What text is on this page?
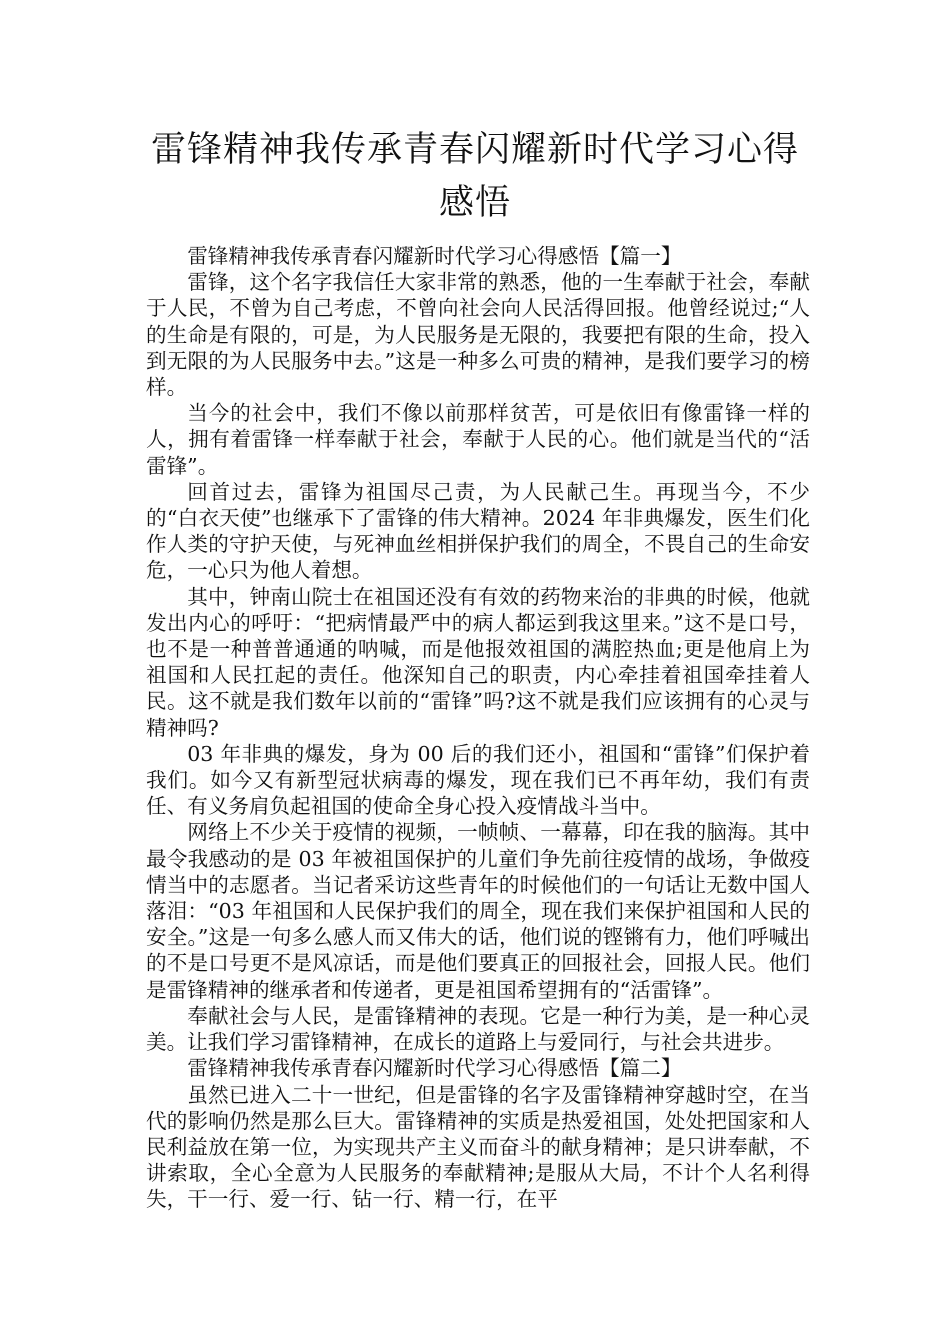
雷锋精神我传承青春闪耀新时代学习心得感悟

雷锋精神我传承青春闪耀新时代学习心得感悟【篇一】

雷锋，这个名字我信任大家非常的熟悉，他的一生奉献于社会，奉献于人民，不曾为自己考虑，不曾向社会向人民活得回报。他曾经说过;“人的生命是有限的，可是，为人民服务是无限的，我要把有限的生命，投入到无限的为人民服务中去。”这是一种多么可贵的精神，是我们要学习的榜样。

当今的社会中，我们不像以前那样贫苦，可是依旧有像雷锋一样的人，拥有着雷锋一样奉献于社会，奉献于人民的心。他们就是当代的“活雷锋”。

回首过去，雷锋为祖国尽己责，为人民献己生。再现当今，不少的“白衣天使”也继承下了雷锋的伟大精神。2024 年非典爆发，医生们化作人类的守护天使，与死神血丝相拼保护我们的周全，不畏自己的生命安危，一心只为他人着想。

其中，钟南山院士在祖国还没有有效的药物来治的非典的时候，他就发出内心的呼吁：“把病情最严中的病人都运到我这里来。”这不是口号，也不是一种普普通通的呐喊，而是他报效祖国的满腔热血;更是他肩上为祖国和人民扛起的责任。他深知自己的职责，内心牵挂着祖国牵挂着人民。这不就是我们数年以前的“雷锋”吗?这不就是我们应该拥有的心灵与精神吗?

03 年非典的爆发，身为 00 后的我们还小，祖国和“雷锋”们保护着我们。如今又有新型冠状病毒的爆发，现在我们已不再年幼，我们有责任、有义务肩负起祖国的使命全身心投入疫情战斗当中。

网络上不少关于疫情的视频，一帧帧、一幕幕，印在我的脑海。其中最令我感动的是 03 年被祖国保护的儿童们争先前往疫情的战场，争做疫情当中的志愿者。当记者采访这些青年的时候他们的一句话让无数中国人落泪：“03 年祖国和人民保护我们的周全，现在我们来保护祖国和人民的安全。”这是一句多么感人而又伟大的话，他们说的铿锵有力，他们呼喊出的不是口号更不是风凉话，而是他们要真正的回报社会，回报人民。他们是雷锋精神的继承者和传递者，更是祖国希望拥有的“活雷锋”。

奉献社会与人民，是雷锋精神的表现。它是一种行为美，是一种心灵美。让我们学习雷锋精神，在成长的道路上与爱同行，与社会共进步。

雷锋精神我传承青春闪耀新时代学习心得感悟【篇二】

虽然已进入二十一世纪，但是雷锋的名字及雷锋精神穿越时空，在当代的影响仍然是那么巨大。雷锋精神的实质是热爱祖国，处处把国家和人民利益放在第一位，为实现共产主义而奋斗的献身精神；是只讲奉献，不讲索取，全心全意为人民服务的奉献精神;是服从大局，不计个人名利得失，干一行、爱一行、钻一行、精一行，在平
